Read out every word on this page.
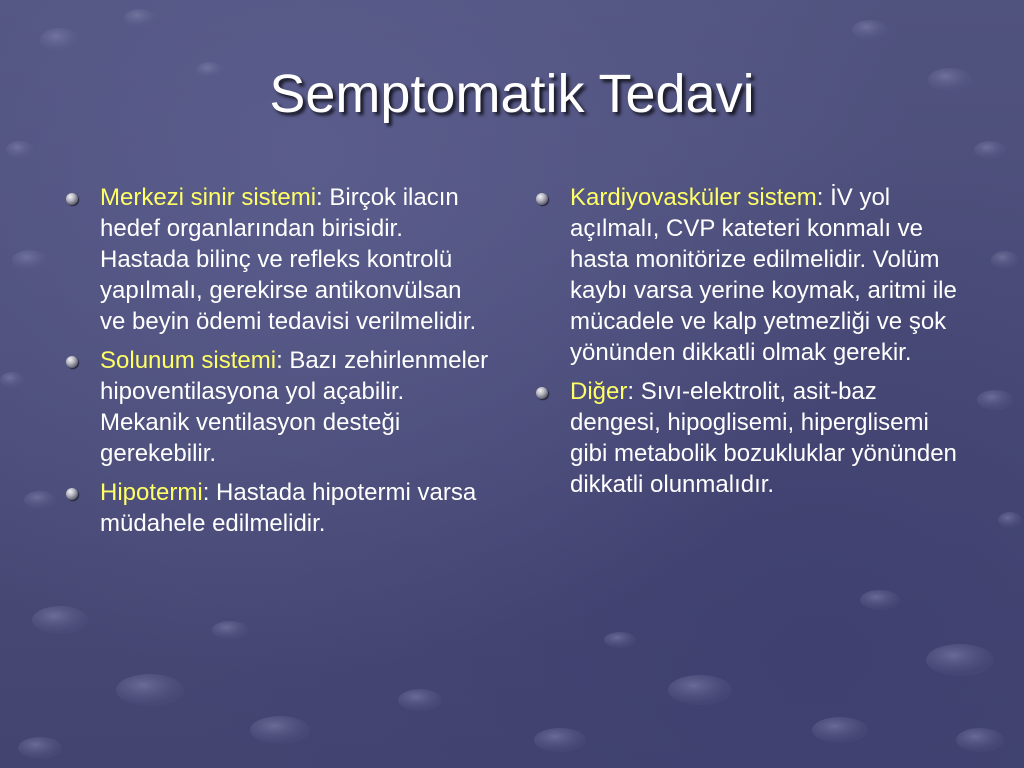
Semptomatik Tedavi
Merkezi sinir sistemi: Birçok ilacın hedef organlarından birisidir. Hastada bilinç ve refleks kontrolü yapılmalı, gerekirse antikonvülsan ve beyin ödemi tedavisi verilmelidir.
Solunum sistemi: Bazı zehirlenmeler hipoventilasyona yol açabilir. Mekanik ventilasyon desteği gerekebilir.
Hipotermi: Hastada hipotermi varsa müdahele edilmelidir.
Kardiyovasküler sistem: İV yol açılmalı, CVP kateteri konmalı ve hasta monitörize edilmelidir. Volüm kaybı varsa yerine koymak, aritmi ile mücadele ve kalp yetmezliği ve şok yönünden dikkatli olmak gerekir.
Diğer: Sıvı-elektrolit, asit-baz dengesi, hipoglisemi, hiperglisemi gibi metabolik bozukluklar yönünden dikkatli olunmalıdır.
